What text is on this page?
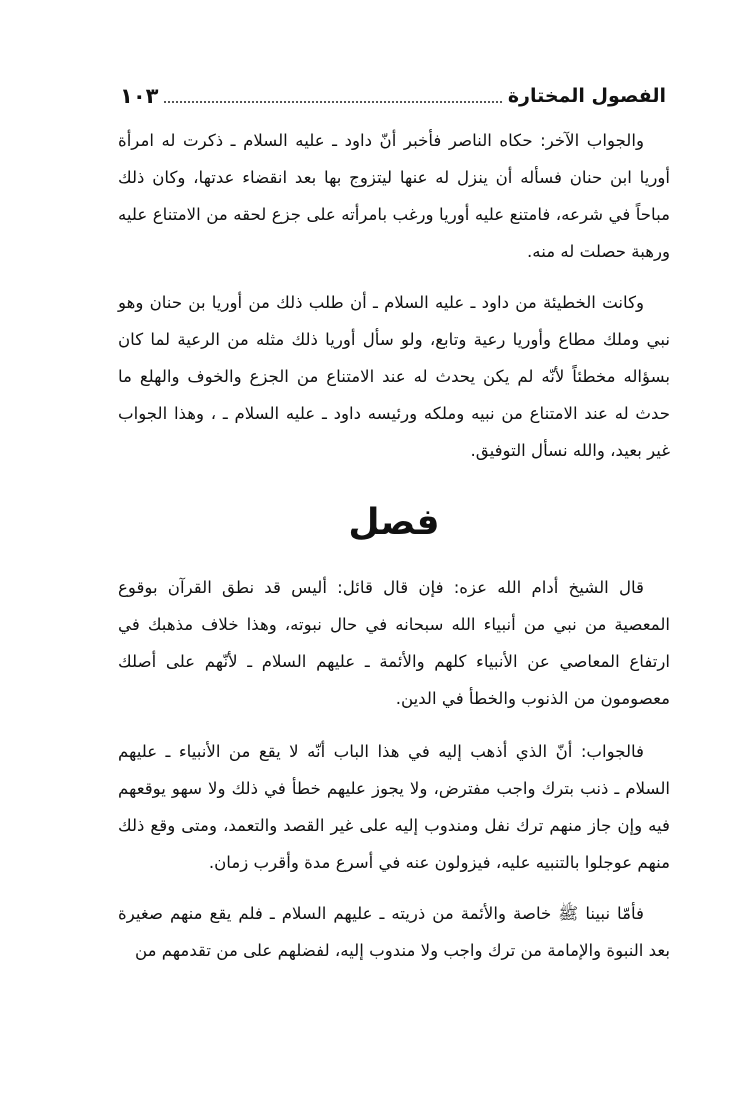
الفصول المختارة
١٠٣

والجواب الآخر: حكاه الناصر فأخبر أنّ داود ـ عليه السلام ـ ذكرت له امرأة أوريا ابن حنان فسأله أن ينزل له عنها ليتزوج بها بعد انقضاء عدتها، وكان ذلك مباحاً في شرعه، فامتنع عليه أوريا ورغب بامرأته على جزع لحقه من الامتناع عليه ورهبة حصلت له منه.

وكانت الخطيئة من داود ـ عليه السلام ـ أن طلب ذلك من أوريا بن حنان وهو نبي وملك مطاع وأوريا رعية وتابع، ولو سأل أوريا ذلك مثله من الرعية لما كان بسؤاله مخطئاً لأنّه لم يكن يحدث له عند الامتناع من الجزع والخوف والهلع ما حدث له عند الامتناع من نبيه وملكه ورئيسه داود ـ عليه السلام ـ ، وهذا الجواب غير بعيد، والله نسأل التوفيق.

فصل

قال الشيخ أدام الله عزه: فإن قال قائل: أليس قد نطق القرآن بوقوع المعصية من نبي من أنبياء الله سبحانه في حال نبوته، وهذا خلاف مذهبك في ارتفاع المعاصي عن الأنبياء كلهم والأئمة ـ عليهم السلام ـ لأنّهم على أصلك معصومون من الذنوب والخطأ في الدين.

فالجواب: أنّ الذي أذهب إليه في هذا الباب أنّه لا يقع من الأنبياء ـ عليهم السلام ـ ذنب بترك واجب مفترض، ولا يجوز عليهم خطأ في ذلك ولا سهو يوقعهم فيه وإن جاز منهم ترك نفل ومندوب إليه على غير القصد والتعمد، ومتى وقع ذلك منهم عوجلوا بالتنبيه عليه، فيزولون عنه في أسرع مدة وأقرب زمان.

فأمّا نبينا ﷺ خاصة والأئمة من ذريته ـ عليهم السلام ـ فلم يقع منهم صغيرة بعد النبوة والإمامة من ترك واجب ولا مندوب إليه، لفضلهم على من تقدمهم من
